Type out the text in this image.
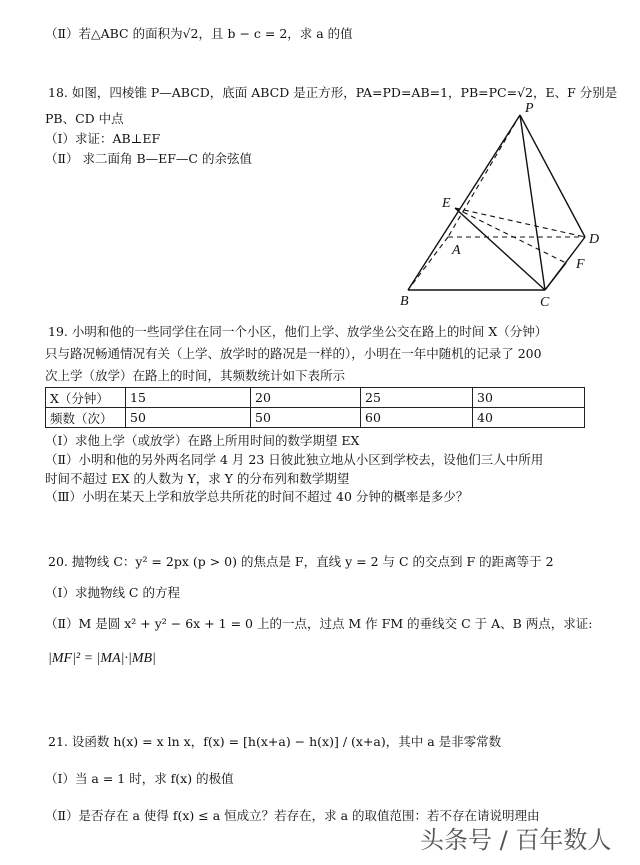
（Ⅱ）若△ABC 的面积为√2，且 b − c = 2，求 a 的值
18. 如图，四棱锥 P—ABCD，底面 ABCD 是正方形，PA=PD=AB=1，PB=PC=√2，E、F 分别是
PB、CD 中点
（Ⅰ）求证：AB⊥EF
（Ⅱ） 求二面角 B—EF—C 的余弦值
P
E
A
D
F
B	C
19. 小明和他的一些同学住在同一个小区，他们上学、放学坐公交在路上的时间 X（分钟）
只与路况畅通情况有关（上学、放学时的路况是一样的），小明在一年中随机的记录了 200
次上学（放学）在路上的时间，其频数统计如下表所示
X（分钟）	15	20	25	30
频数（次）	50	50	60	40
（Ⅰ）求他上学（或放学）在路上所用时间的数学期望 EX
（Ⅱ）小明和他的另外两名同学 4 月 23 日彼此独立地从小区到学校去，设他们三人中所用
时间不超过 EX 的人数为 Y，求 Y 的分布列和数学期望
（Ⅲ）小明在某天上学和放学总共所花的时间不超过 40 分钟的概率是多少？
20. 抛物线 C：y² = 2px (p > 0) 的焦点是 F，直线 y = 2 与 C 的交点到 F 的距离等于 2
（Ⅰ）求抛物线 C 的方程
（Ⅱ）M 是圆 x² + y² − 6x + 1 = 0 上的一点，过点 M 作 FM 的垂线交 C 于 A、B 两点，求证:
|MF|² = |MA|·|MB|
21. 设函数 h(x) = x ln x，f(x) = [h(x+a) − h(x)] / (x+a)，其中 a 是非零常数
（Ⅰ）当 a = 1 时，求 f(x) 的极值
（Ⅱ）是否存在 a 使得 f(x) ≤ a 恒成立？若存在，求 a 的取值范围：若不存在请说明理由
头条号 / 百年数人
